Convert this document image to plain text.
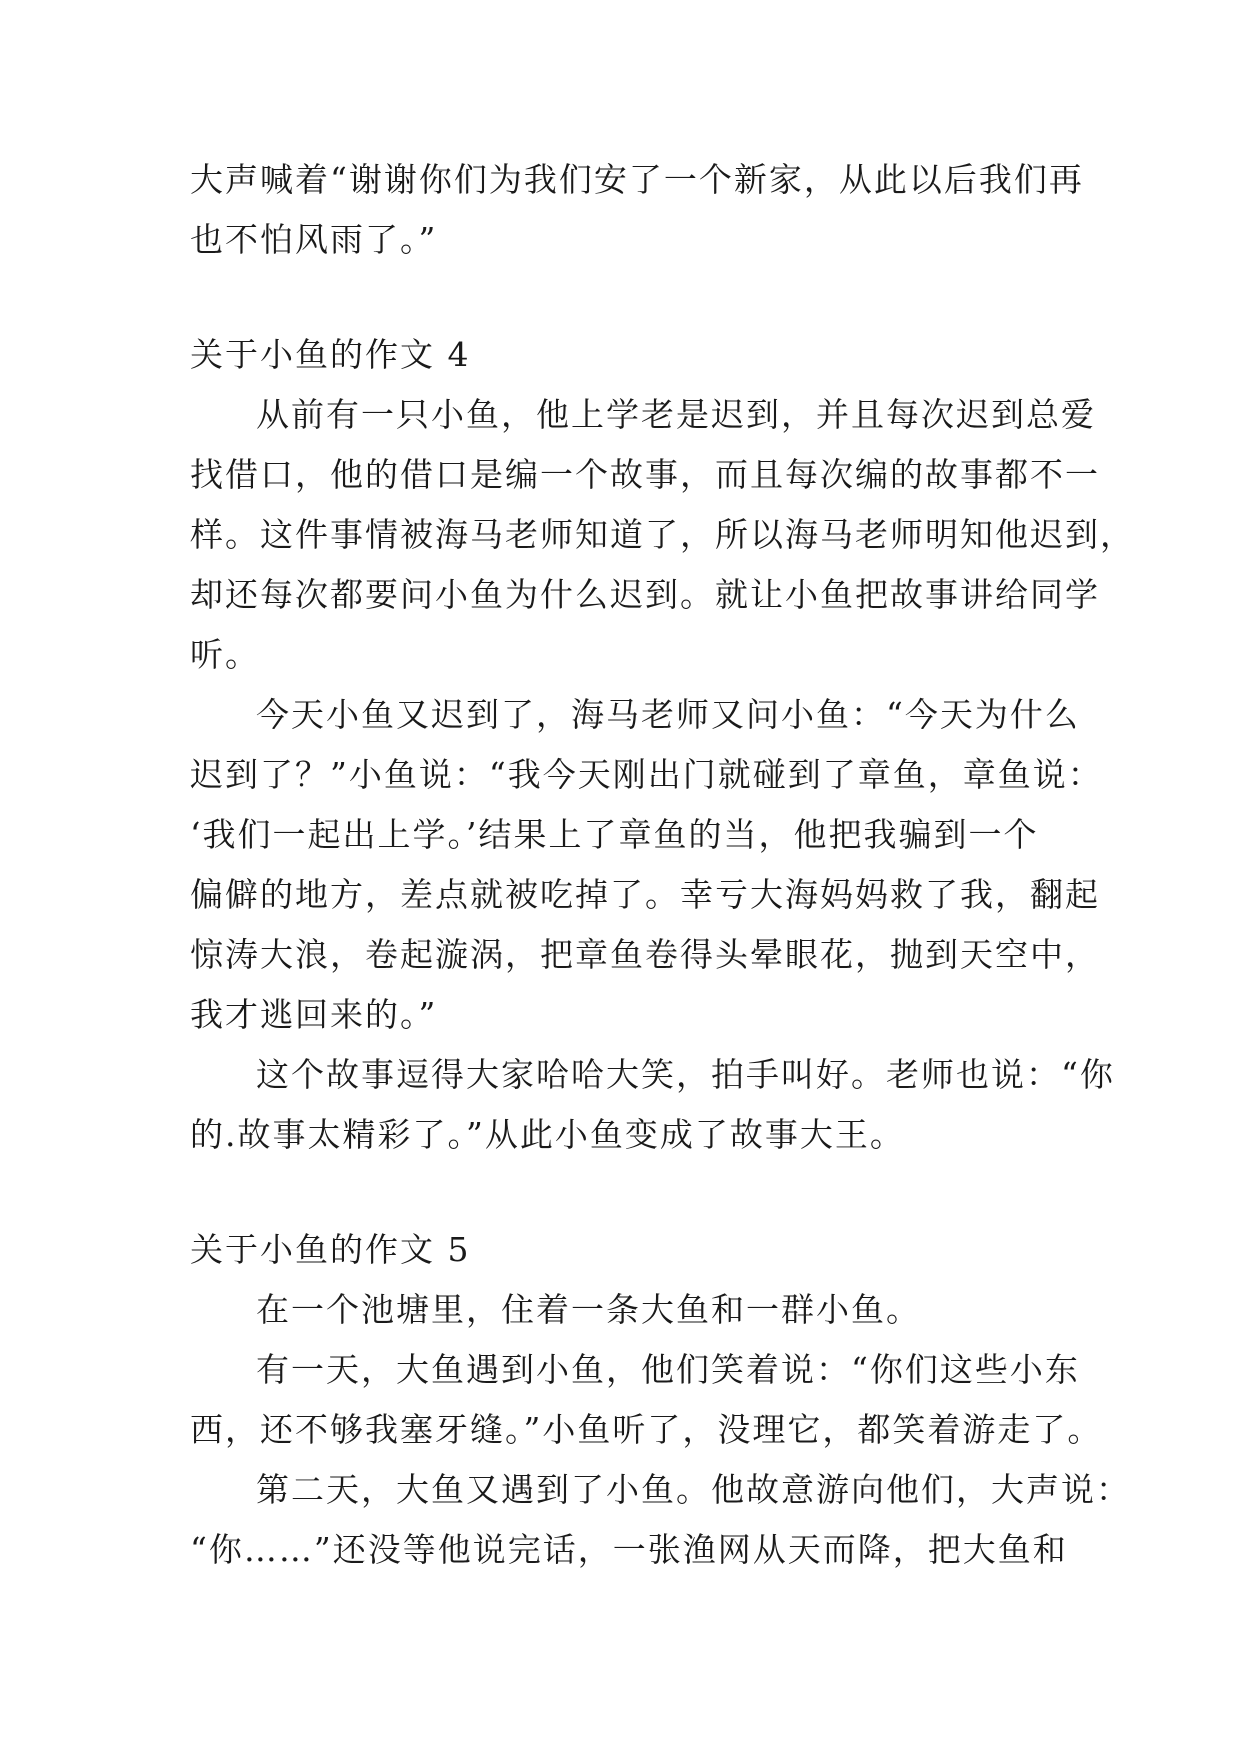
大声喊着“谢谢你们为我们安了一个新家，从此以后我们再
也不怕风雨了。”
关于小鱼的作文 4
从前有一只小鱼，他上学老是迟到，并且每次迟到总爱
找借口，他的借口是编一个故事，而且每次编的故事都不一
样。这件事情被海马老师知道了，所以海马老师明知他迟到，
却还每次都要问小鱼为什么迟到。就让小鱼把故事讲给同学
听。
今天小鱼又迟到了，海马老师又问小鱼：“今天为什么
迟到了？”小鱼说：“我今天刚出门就碰到了章鱼，章鱼说：
‘我们一起出上学。’结果上了章鱼的当，他把我骗到一个
偏僻的地方，差点就被吃掉了。幸亏大海妈妈救了我，翻起
惊涛大浪，卷起漩涡，把章鱼卷得头晕眼花，抛到天空中，
我才逃回来的。”
这个故事逗得大家哈哈大笑，拍手叫好。老师也说：“你
的.故事太精彩了。”从此小鱼变成了故事大王。
关于小鱼的作文 5
在一个池塘里，住着一条大鱼和一群小鱼。
有一天，大鱼遇到小鱼，他们笑着说：“你们这些小东
西，还不够我塞牙缝。”小鱼听了，没理它，都笑着游走了。
第二天，大鱼又遇到了小鱼。他故意游向他们，大声说：
“你……”还没等他说完话，一张渔网从天而降，把大鱼和
